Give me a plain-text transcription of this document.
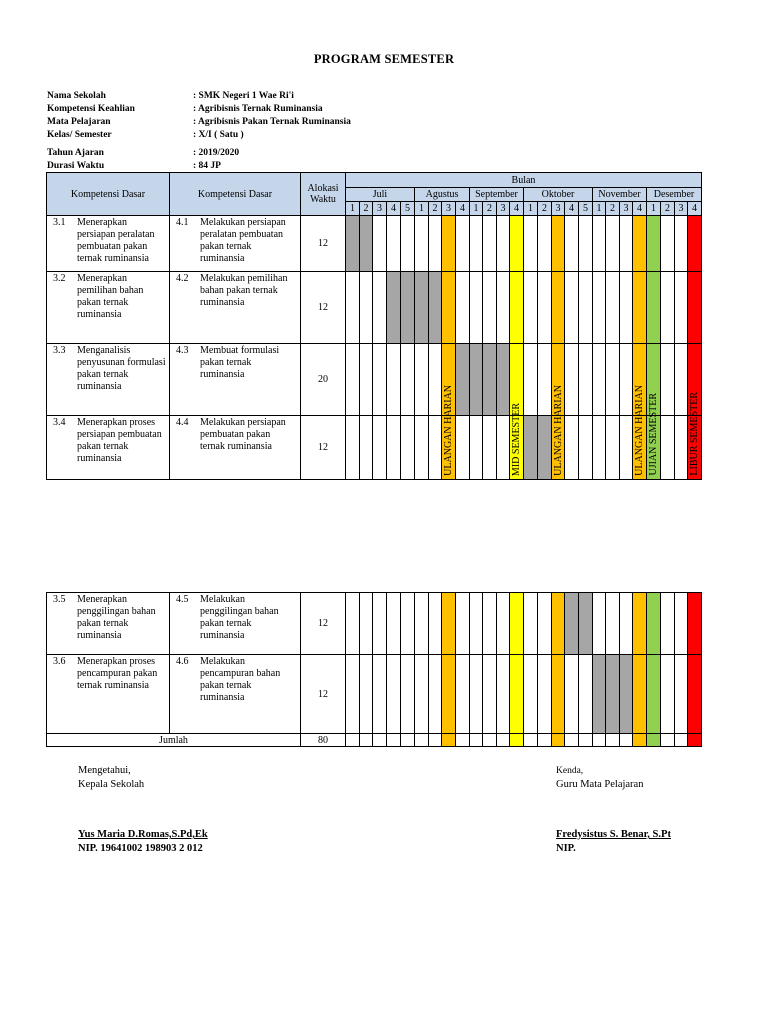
PROGRAM SEMESTER
Nama Sekolah	: SMK Negeri 1 Wae Ri'i
Kompetensi Keahlian	: Agribisnis Ternak Ruminansia
Mata Pelajaran	: Agribisnis Pakan Ternak Ruminansia
Kelas/ Semester	: X/I ( Satu )
Tahun Ajaran	: 2019/2020
Durasi Waktu	: 84 JP
Kompetensi Dasar	Kompetensi Dasar	Alokasi Waktu	Bulan																									
			Juli					Agustus				September				Oktober					November				Desember			
			1	2	3	4	5	1	2	3	4	1	2	3	4	1	2	3	4	5	1	2	3	4	1	2	3	4

3.1 Menerapkan persiapan peralatan pembuatan pakan ternak ruminansia	4.1 Melakukan persiapan peralatan pembuatan pakan ternak ruminansia	12																										

3.2 Menerapkan pemilihan bahan pakan ternak ruminansia	4.2 Melakukan pemilihan bahan pakan ternak ruminansia	12																										

3.3 Menganalisis penyusunan formulasi pakan ternak ruminansia	4.3 Membuat formulasi pakan ternak ruminansia	20																										

3.4 Menerapkan proses persiapan pembuatan pakan ternak ruminansia	4.4 Melakukan persiapan pembuatan pakan ternak ruminansia	12								ULANGAN HARIAN					MID SEMESTER			ULANGAN HARIAN						ULANGAN HARIAN	UJIAN SEMESTER			LIBUR SEMESTER
3.5 Menerapkan penggilingan bahan pakan ternak ruminansia	4.5 Melakukan penggilingan bahan pakan ternak ruminansia	12																										

3.6 Menerapkan proses pencampuran pakan ternak ruminansia	4.6 Melakukan pencampuran bahan pakan ternak ruminansia	12																										
Jumlah		80																										
Mengetahui,
Kepala Sekolah
Yus Maria D.Romas,S.Pd,Ek
NIP. 19641002 198903 2 012
Kenda,
Guru Mata Pelajaran
Fredysistus S. Benar, S.Pt
NIP.
